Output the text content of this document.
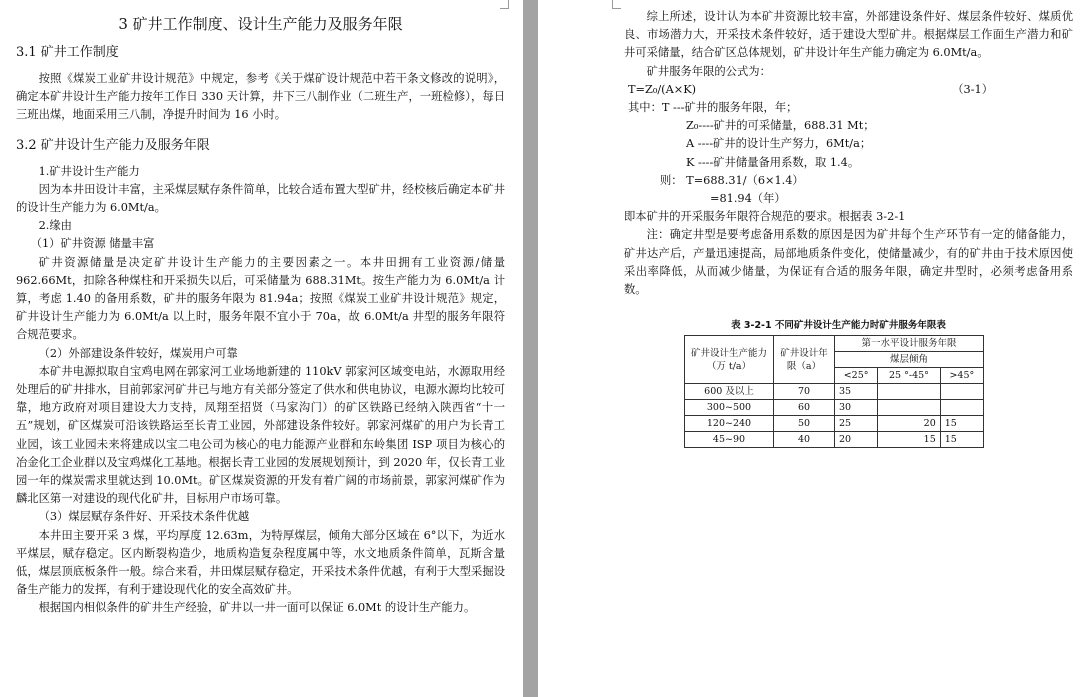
3 矿井工作制度、设计生产能力及服务年限
3.1 矿井工作制度

按照《煤炭工业矿井设计规范》中规定，参考《关于煤矿设计规范中若干条文修改的说明》，确定本矿井设计生产能力按年工作日 330 天计算，井下三八制作业（二班生产，一班检修），每日三班出煤，地面采用三八制，净提升时间为 16 小时。

3.2 矿井设计生产能力及服务年限

1.矿井设计生产能力

因为本井田设计丰富，主采煤层赋存条件简单，比较合适布置大型矿井，经校核后确定本矿井的设计生产能力为 6.0Mt/a。

2.缘由

（1）矿井资源 储量丰富

矿井资源储量是决定矿井设计生产能力的主要因素之一。本井田拥有工业资源/储量 962.66Mt，扣除各种煤柱和开采损失以后，可采储量为 688.31Mt。按生产能力为 6.0Mt/a 计算，考虑 1.40 的备用系数，矿井的服务年限为 81.94a；按照《煤炭工业矿井设计规范》规定，矿井设计生产能力为 6.0Mt/a 以上时，服务年限不宜小于 70a，故 6.0Mt/a 井型的服务年限符合规范要求。

（2）外部建设条件较好，煤炭用户可靠

本矿井电源拟取自宝鸡电网在郭家河工业场地新建的 110kV 郭家河区域变电站，水源取用经处理后的矿井排水，目前郭家河矿井已与地方有关部分签定了供水和供电协议，电源水源均比较可靠，地方政府对项目建设大力支持，凤翔至招贤（马家沟门）的矿区铁路已经纳入陕西省“十一五”规划，矿区煤炭可沿该铁路运至长青工业园，外部建设条件较好。郭家河煤矿的用户为长青工业园，该工业园未来将建成以宝二电公司为核心的电力能源产业群和东岭集团 ISP 项目为核心的冶金化工企业群以及宝鸡煤化工基地。根据长青工业园的发展规划预计，到 2020 年，仅长青工业园一年的煤炭需求里就达到 10.0Mt。矿区煤炭资源的开发有着广阔的市场前景，郭家河煤矿作为麟北区第一对建设的现代化矿井，目标用户市场可靠。

（3）煤层赋存条件好、开采技术条件优越

本井田主要开采 3 煤，平均厚度 12.63m，为特厚煤层，倾角大部分区域在 6°以下，为近水平煤层，赋存稳定。区内断裂构造少，地质构造复杂程度属中等，水文地质条件简单，瓦斯含量低，煤层顶底板条件一般。综合来看，井田煤层赋存稳定，开采技术条件优越，有利于大型采掘设备生产能力的发挥，有利于建设现代化的安全高效矿井。

根据国内相似条件的矿井生产经验，矿井以一井一面可以保证 6.0Mt 的设计生产能力。

综上所述，设计认为本矿井资源比较丰富，外部建设条件好、煤层条件较好、煤质优良、市场潜力大，开采技术条件较好，适于建设大型矿井。根据煤层工作面生产潜力和矿井可采储量，结合矿区总体规划，矿井设计年生产能力确定为 6.0Mt/a。

矿井服务年限的公式为：

T=Z₀/(A×K)	（3-1）

其中：T ---矿井的服务年限，年；

Z₀----矿井的可采储量，688.31 Mt；

A ----矿井的设计生产努力，6Mt/a；

K ----矿井储量备用系数，取 1.4。

则： T=688.31/（6×1.4）

=81.94（年）

即本矿井的开采服务年限符合规范的要求。根据表 3-2-1

注：确定井型是要考虑备用系数的原因是因为矿井每个生产环节有一定的储备能力，矿井达产后，产量迅速提高，局部地质条件变化，使储量减少，有的矿井由于技术原因使采出率降低，从而减少储量，为保证有合适的服务年限，确定井型时，必须考虑备用系数。

表 3-2-1 不同矿井设计生产能力时矿井服务年限表
矿井设计生产能力（万 t/a）	矿井设计年限（a）	第一水平设计服务年限		
		煤层倾角		
		<25°	25 °-45°	>45°
600 及以上	70	35		
300~500	60	30		
120~240	50	25	20	15
45~90	40	20	15	15
